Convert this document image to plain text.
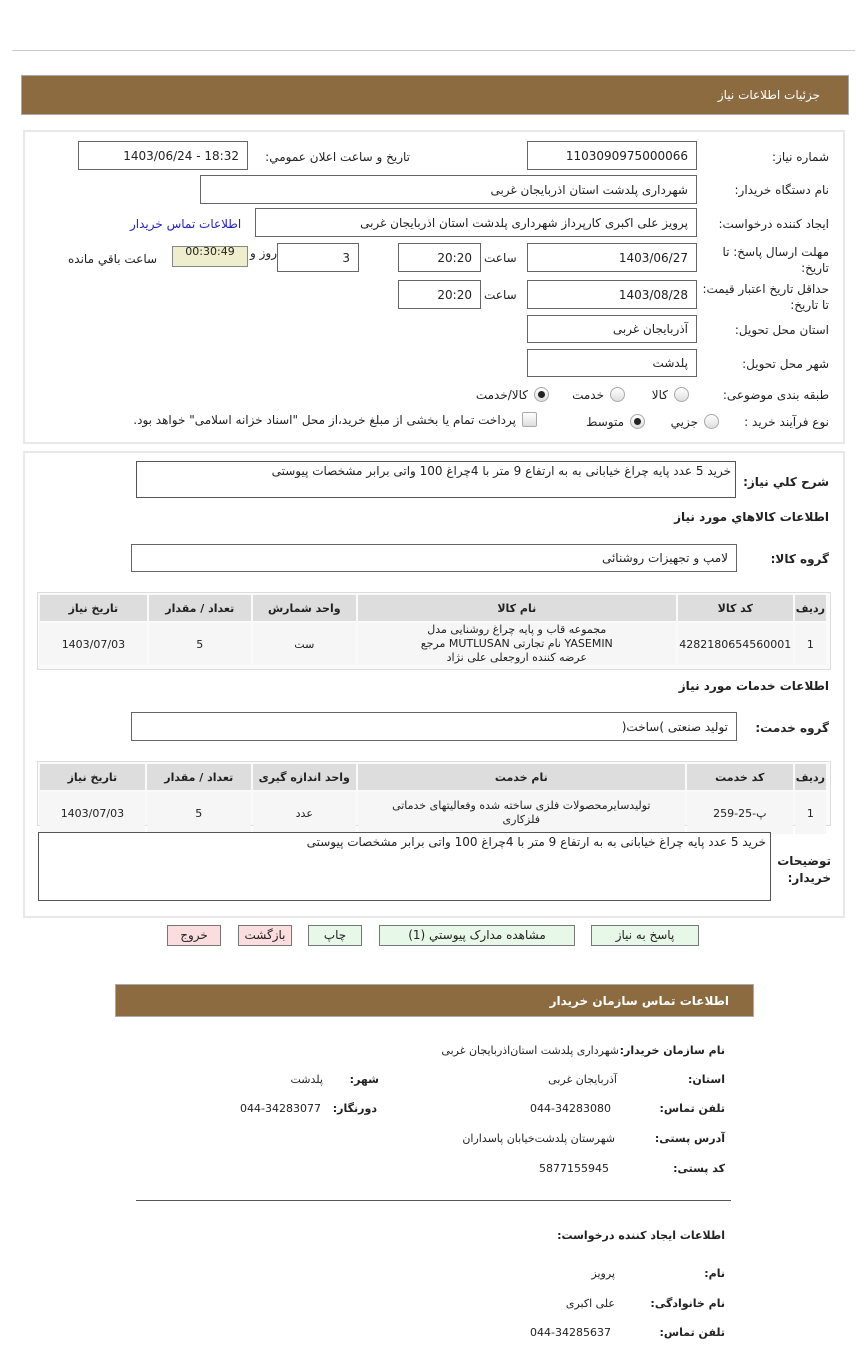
جزئیات اطلاعات نیاز
شماره نیاز:
1103090975000066
تاريخ و ساعت اعلان عمومي:
1403/06/24 - 18:32
نام دستگاه خریدار:
شهرداری پلدشت استان اذربایجان غربی
ایجاد کننده درخواست:
پرویز علی اکبری کارپرداز شهرداری پلدشت استان اذربایجان غربی
اطلاعات تماس خریدار
مهلت ارسال پاسخ: تا تاریخ:
1403/06/27
ساعت
20:20
3
روز و
00:30:49
ساعت باقي مانده
حداقل تاریخ اعتبار قیمت: تا تاریخ:
1403/08/28
ساعت
20:20
استان محل تحویل:
آذربایجان غربی
شهر محل تحویل:
پلدشت
طبقه بندی موضوعی:
کالا
خدمت
کالا/خدمت
نوع فرآیند خرید :
جزیي
متوسط
پرداخت تمام یا بخشی از مبلغ خرید،از محل "اسناد خزانه اسلامی" خواهد بود.
شرح کلي نياز:
خرید 5 عدد پایه چراغ خیابانی به به ارتفاع 9 متر با 4چراغ 100 واتی برابر مشخصات پیوستی
اطلاعات کالاهاي مورد نياز
گروه کالا:
لامپ و تجهیزات روشنائی
ردیف	کد کالا	نام کالا	واحد شمارش	تعداد / مقدار	تاریخ نیاز
1	4282180654560001	مجموعه قاب و پایه چراغ روشنایی مدل YASEMIN نام تجارتی MUTLUSAN مرجع عرضه کننده اروجعلی علی نژاد	ست	5	1403/07/03
اطلاعات خدمات مورد نياز
گروه خدمت:
تولید صنعتی )ساخت(
ردیف	کد خدمت	نام خدمت	واحد اندازه گیری	تعداد / مقدار	تاریخ نیاز
1	پ-25-259	تولیدسایرمحصولات فلزی ساخته شده وفعالیتهای خدماتی فلزکاری	عدد	5	1403/07/03
توضیحات خریدار:
خرید 5 عدد پایه چراغ خیابانی به به ارتفاع 9 متر با 4چراغ 100 واتی برابر مشخصات پیوستی
پاسخ به نیاز
مشاهده مدارک پیوستي (1)
چاپ
بازگشت
خروج
اطلاعات تماس سازمان خریدار
نام سازمان خریدار:
شهرداری پلدشت استان‌اذربایجان غربی
استان:
آذربایجان غربی
شهر:
پلدشت
تلفن تماس:
044-34283080
دورنگار:
044-34283077
آدرس پستی:
شهرستان پلدشت‌خیابان پاسداران
کد پستی:
5877155945
اطلاعات ایجاد کننده درخواست:
نام:
پرویز
نام خانوادگی:
علی اکبری
تلفن تماس:
044-34285637
